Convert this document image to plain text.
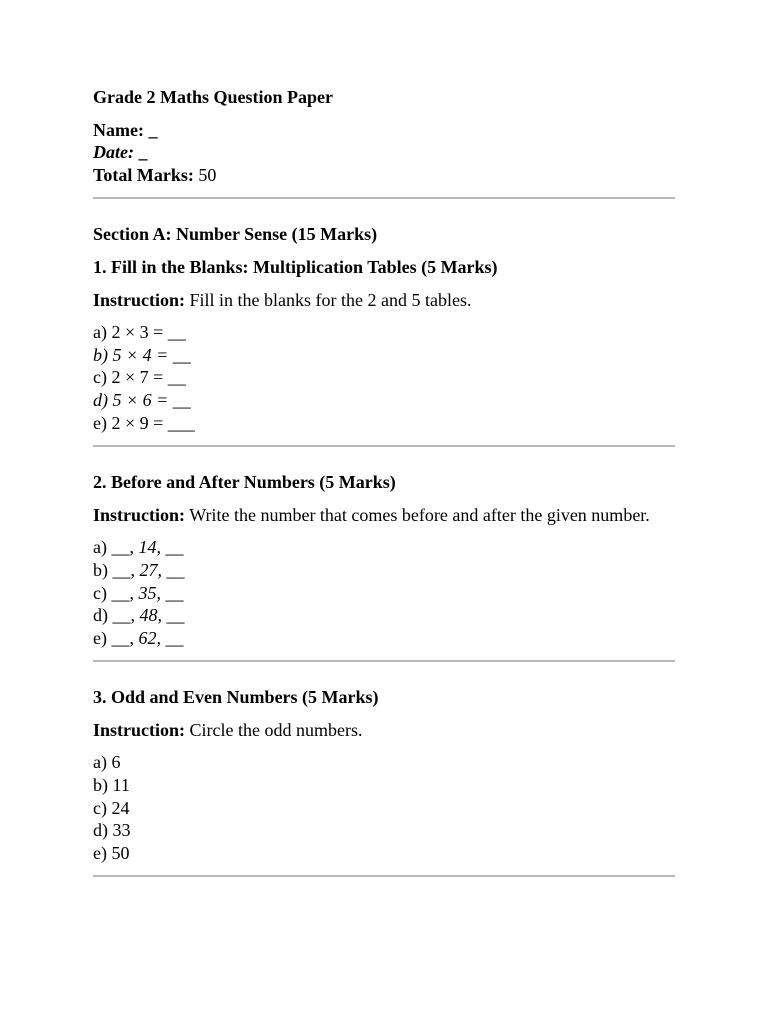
Grade 2 Maths Question Paper

Name: _
Date: _
Total Marks: 50

Section A: Number Sense (15 Marks)

1. Fill in the Blanks: Multiplication Tables (5 Marks)

Instruction: Fill in the blanks for the 2 and 5 tables.

a) 2 × 3 = __
b) 5 × 4 = __
c) 2 × 7 = __
d) 5 × 6 = __
e) 2 × 9 = ___

2. Before and After Numbers (5 Marks)

Instruction: Write the number that comes before and after the given number.

a) __, 14, __
b) __, 27, __
c) __, 35, __
d) __, 48, __
e) __, 62, __

3. Odd and Even Numbers (5 Marks)

Instruction: Circle the odd numbers.

a) 6
b) 11
c) 24
d) 33
e) 50
